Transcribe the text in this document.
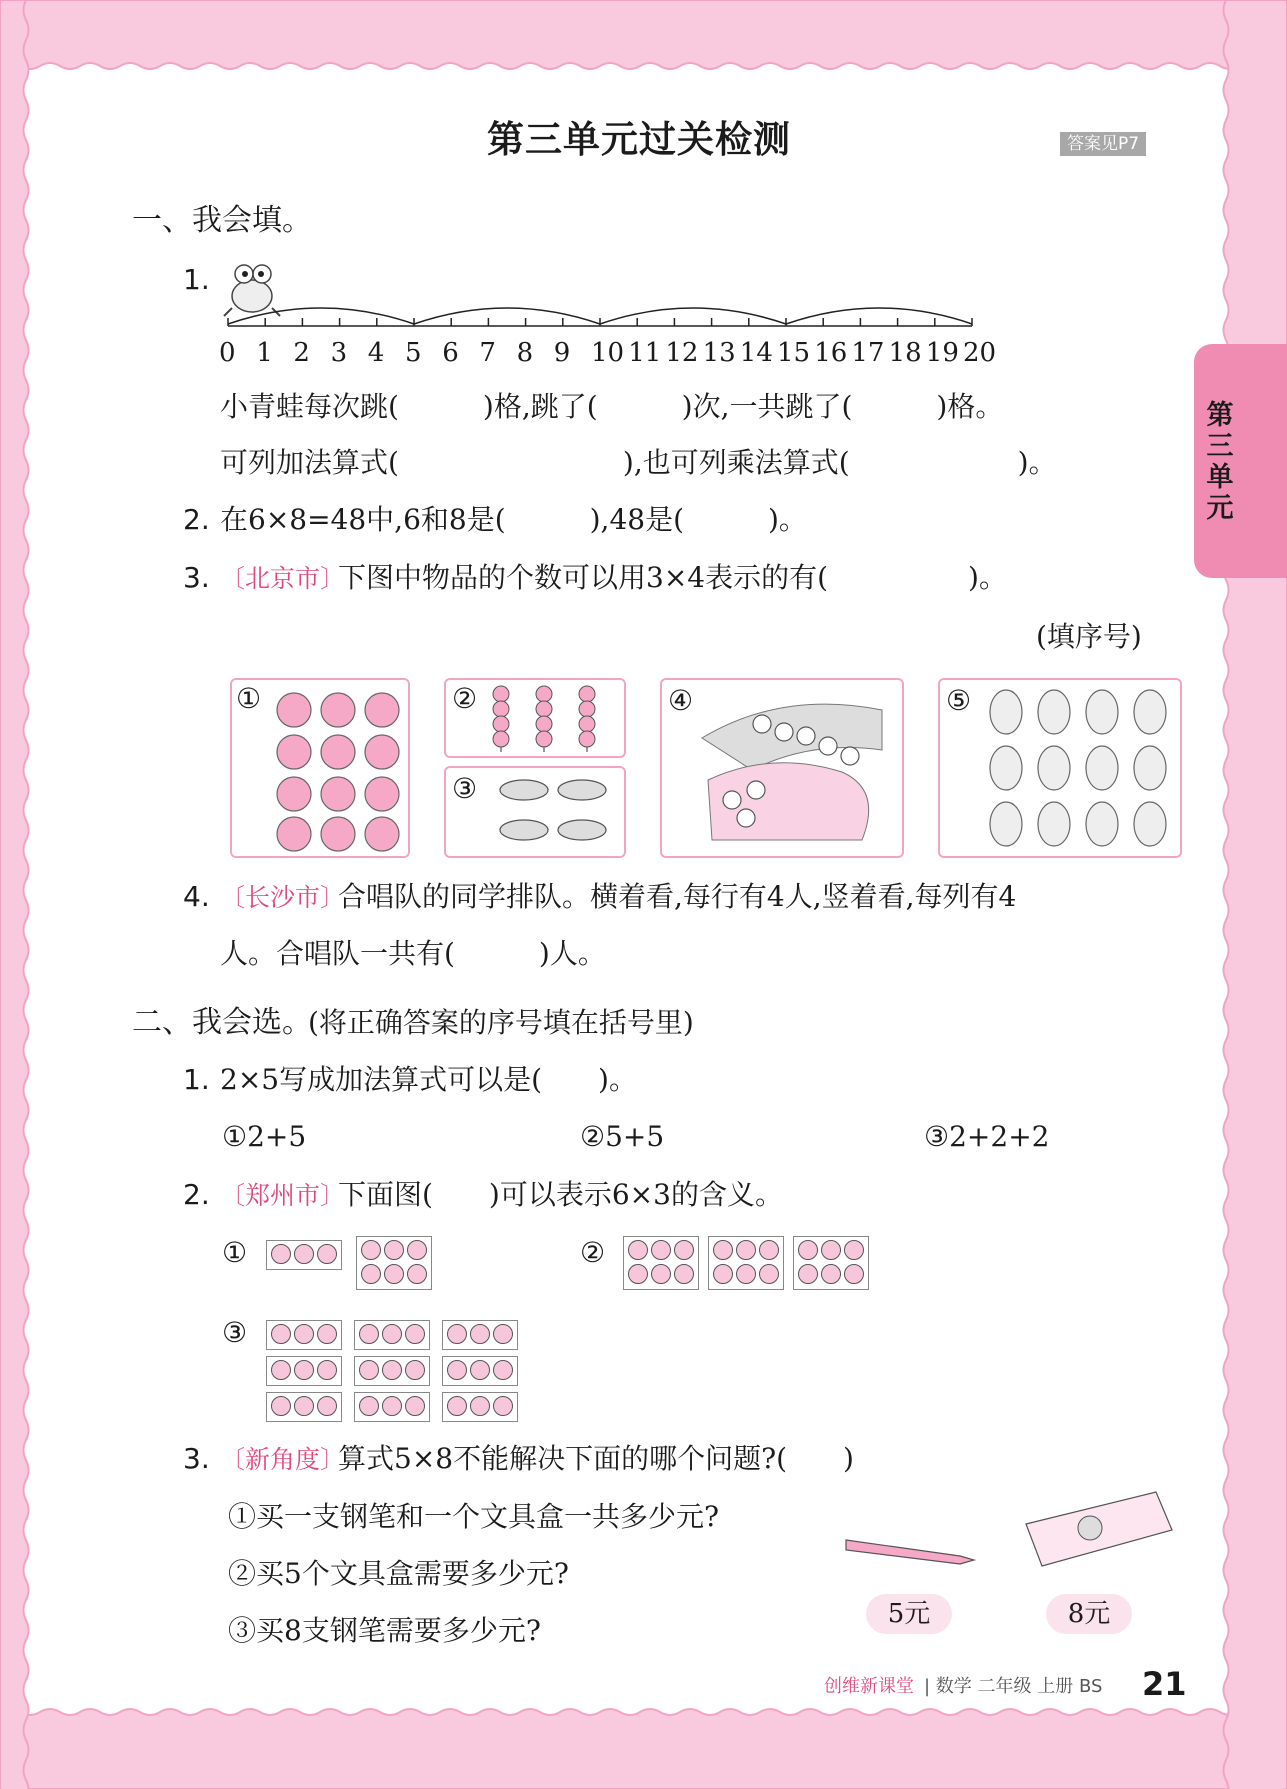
第三单元过关检测	答案见P7
第三单元
一、我会填。
1.
0 1 2 3 4 5 6 7 8 9 10 11 12 13 14 15 16 17 18 19 20
小青蛙每次跳(　　　)格,跳了(　　　)次,一共跳了(　　　)格。
可列加法算式(　　　　　　　　),也可列乘法算式(　　　　　　)。
2. 在6×8=48中,6和8是(　　　),48是(　　　)。
3. 〔北京市〕
下图中物品的个数可以用3×4表示的有(　　　　　)。
(填序号)
①	②
③
④	⑤
4. 〔长沙市〕
合唱队的同学排队。横着看,每行有4人,竖着看,每列有4
人。合唱队一共有(　　　)人。
二、我会选。
(将正确答案的序号填在括号里)
1. 2×5写成加法算式可以是(　　)。
①2+5	②5+5	③2+2+2
2. 〔郑州市〕
下面图(　　)可以表示6×3的含义。
①	②
③
3. 〔新角度〕
算式5×8不能解决下面的哪个问题?(　　)
①买一支钢笔和一个文具盒一共多少元?
②买5个文具盒需要多少元?
③买8支钢笔需要多少元?	5元	8元
创维新课堂 | 数学 二年级 上册 BS 21
